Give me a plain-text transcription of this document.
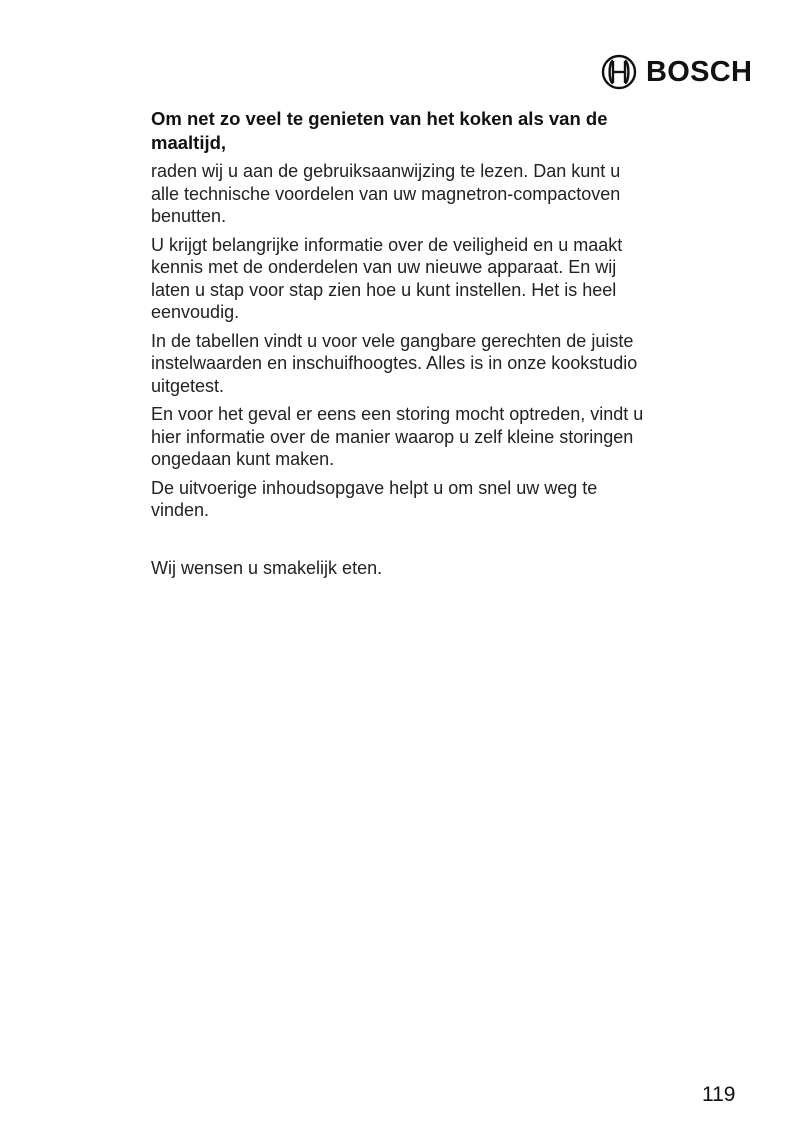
BOSCH
Om net zo veel te genieten van het koken als van de maaltijd,

raden wij u aan de gebruiksaanwijzing te lezen. Dan kunt u alle technische voordelen van uw magnetron-compactoven benutten.

U krijgt belangrijke informatie over de veiligheid en u maakt kennis met de onderdelen van uw nieuwe apparaat. En wij laten u stap voor stap zien hoe u kunt instellen. Het is heel eenvoudig.

In de tabellen vindt u voor vele gangbare gerechten de juiste instelwaarden en inschuifhoogtes. Alles is in onze kookstudio uitgetest.

En voor het geval er eens een storing mocht optreden, vindt u hier informatie over de manier waarop u zelf kleine storingen ongedaan kunt maken.

De uitvoerige inhoudsopgave helpt u om snel uw weg te vinden.

Wij wensen u smakelijk eten.

119
